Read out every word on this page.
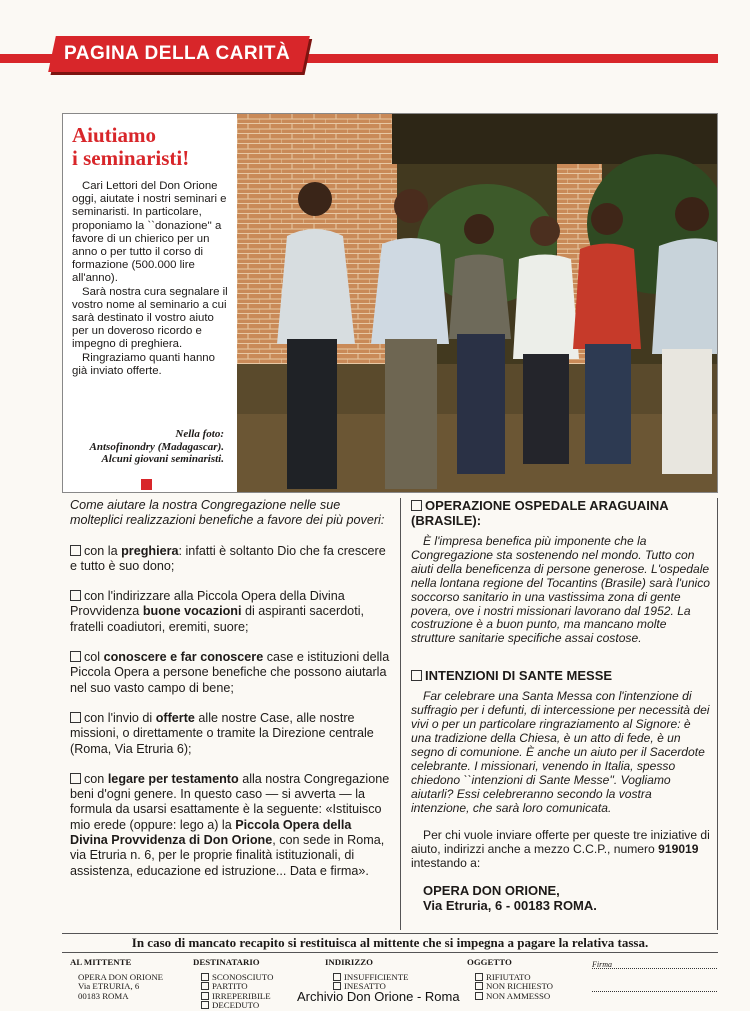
PAGINA DELLA CARITÀ
Aiutiamo
i seminaristi!

Cari Lettori del Don Orione oggi, aiutate i nostri seminari e seminaristi. In particolare, proponiamo la ``donazione'' a favore di un chierico per un anno o per tutto il corso di formazione (500.000 lire all'anno).

Sarà nostra cura segnalare il vostro nome al seminario a cui sarà destinato il vostro aiuto per un doveroso ricordo e impegno di preghiera.

Ringraziamo quanti hanno già inviato offerte.

Nella foto:
Antsofinondry (Madagascar).
Alcuni giovani seminaristi.

Come aiutare la nostra Congregazione nelle sue molteplici realizzazioni benefiche a favore dei più poveri:

con la preghiera: infatti è soltanto Dio che fa crescere e tutto è suo dono;

con l'indirizzare alla Piccola Opera della Divina Provvidenza buone vocazioni di aspiranti sacerdoti, fratelli coadiutori, eremiti, suore;

col conoscere e far conoscere case e istituzioni della Piccola Opera a persone benefiche che possono aiutarla nel suo vasto campo di bene;

con l'invio di offerte alle nostre Case, alle nostre missioni, o direttamente o tramite la Direzione centrale (Roma, Via Etruria 6);

con legare per testamento alla nostra Congregazione beni d'ogni genere. In questo caso — si avverta — la formula da usarsi esattamente è la seguente: «Istituisco mio erede (oppure: lego a) la Piccola Opera della Divina Provvidenza di Don Orione, con sede in Roma, via Etruria n. 6, per le proprie finalità istituzionali, di assistenza, educazione ed istruzione... Data e firma».

OPERAZIONE OSPEDALE ARAGUAINA (BRASILE):

È l'impresa benefica più imponente che la Congregazione sta sostenendo nel mondo. Tutto con aiuti della beneficenza di persone generose. L'ospedale nella lontana regione del Tocantins (Brasile) sarà l'unico soccorso sanitario in una vastissima zona di gente povera, ove i nostri missionari lavorano dal 1952. La costruzione è a buon punto, ma mancano molte strutture sanitarie specifiche assai costose.

INTENZIONI DI SANTE MESSE

Far celebrare una Santa Messa con l'intenzione di suffragio per i defunti, di intercessione per necessità dei vivi o per un particolare ringraziamento al Signore: è una tradizione della Chiesa, è un atto di fede, è un segno di comunione. È anche un aiuto per il Sacerdote celebrante. I missionari, venendo in Italia, spesso chiedono ``intenzioni di Sante Messe''. Vogliamo aiutarli? Essi celebreranno secondo la vostra intenzione, che sarà loro comunicata.

Per chi vuole inviare offerte per queste tre iniziative di aiuto, indirizzi anche a mezzo C.C.P., numero 919019 intestando a:

OPERA DON ORIONE,
Via Etruria, 6 - 00183 ROMA.
In caso di mancato recapito si restituisca al mittente che si impegna a pagare la relativa tassa.
AL MITTENTE
OPERA DON ORIONE
Via ETRURIA, 6
00183 ROMA
DESTINATARIO
SCONOSCIUTO
PARTITO
IRREPERIBILE
DECEDUTO
INDIRIZZO
INSUFFICIENTE
INESATTO
OGGETTO
RIFIUTATO
NON RICHIESTO
NON AMMESSO
Firma
Archivio Don Orione - Roma
